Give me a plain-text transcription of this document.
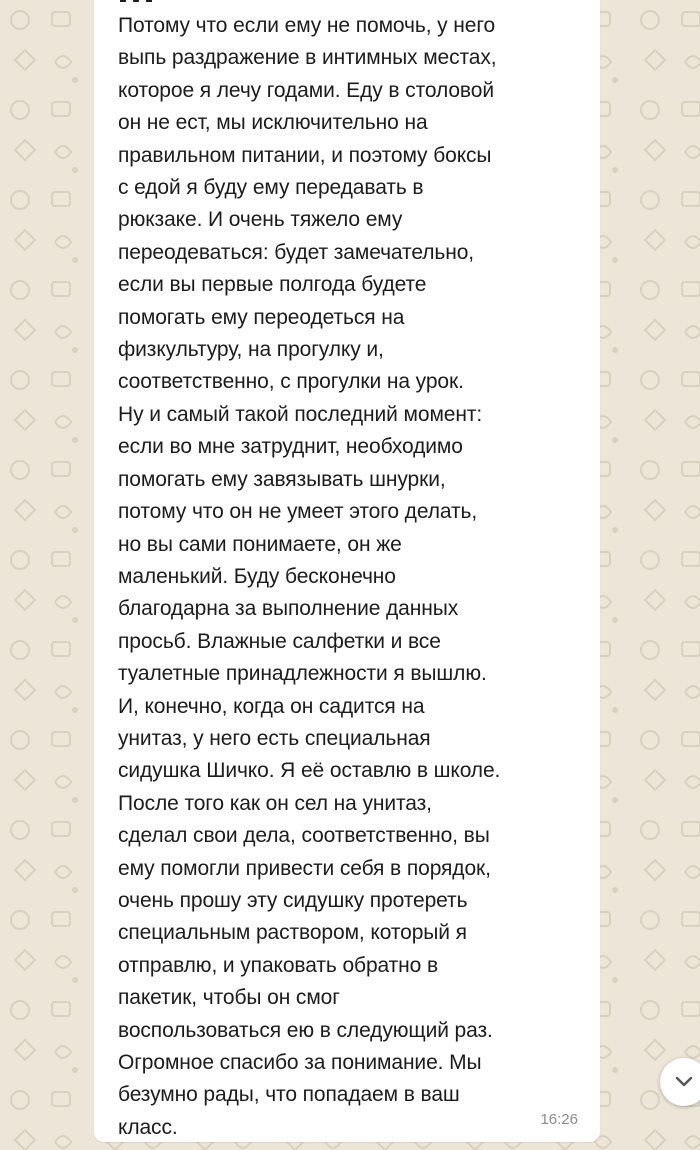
Потому что если ему не помочь, у него
выпь раздражение в интимных местах,
которое я лечу годами. Еду в столовой
он не ест, мы исключительно на
правильном питании, и поэтому боксы
с едой я буду ему передавать в
рюкзаке. И очень тяжело ему
переодеваться: будет замечательно,
если вы первые полгода будете
помогать ему переодеться на
физкультуру, на прогулку и,
соответственно, с прогулки на урок.
Ну и самый такой последний момент:
если во мне затруднит, необходимо
помогать ему завязывать шнурки,
потому что он не умеет этого делать,
но вы сами понимаете, он же
маленький. Буду бесконечно
благодарна за выполнение данных
просьб. Влажные салфетки и все
туалетные принадлежности я вышлю.
И, конечно, когда он садится на
унитаз, у него есть специальная
сидушка Шичко. Я её оставлю в школе.
После того как он сел на унитаз,
сделал свои дела, соответственно, вы
ему помогли привести себя в порядок,
очень прошу эту сидушку протереть
специальным раствором, который я
отправлю, и упаковать обратно в
пакетик, чтобы он смог
воспользоваться ею в следующий раз.
Огромное спасибо за понимание. Мы
безумно рады, что попадаем в ваш
класс.	16:26
